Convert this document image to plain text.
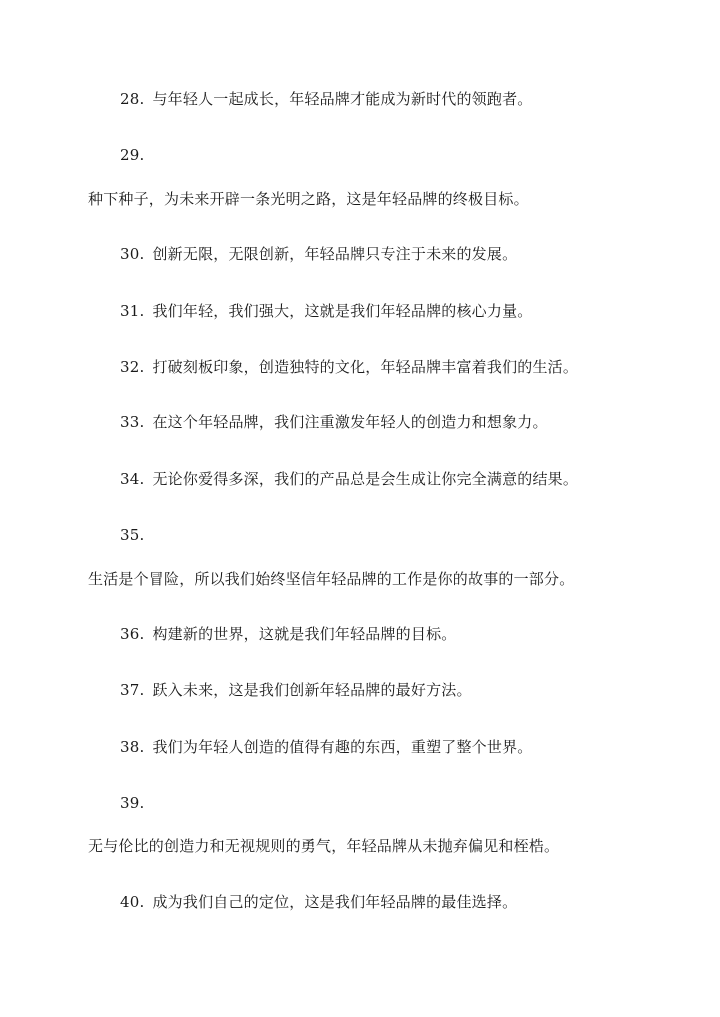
28. 与年轻人一起成长，年轻品牌才能成为新时代的领跑者。
29.
种下种子，为未来开辟一条光明之路，这是年轻品牌的终极目标。
30. 创新无限，无限创新，年轻品牌只专注于未来的发展。
31. 我们年轻，我们强大，这就是我们年轻品牌的核心力量。
32. 打破刻板印象，创造独特的文化，年轻品牌丰富着我们的生活。
33. 在这个年轻品牌，我们注重激发年轻人的创造力和想象力。
34. 无论你爱得多深，我们的产品总是会生成让你完全满意的结果。
35.
生活是个冒险，所以我们始终坚信年轻品牌的工作是你的故事的一部分。
36. 构建新的世界，这就是我们年轻品牌的目标。
37. 跃入未来，这是我们创新年轻品牌的最好方法。
38. 我们为年轻人创造的值得有趣的东西，重塑了整个世界。
39.
无与伦比的创造力和无视规则的勇气，年轻品牌从未抛弃偏见和桎梏。
40. 成为我们自己的定位，这是我们年轻品牌的最佳选择。
